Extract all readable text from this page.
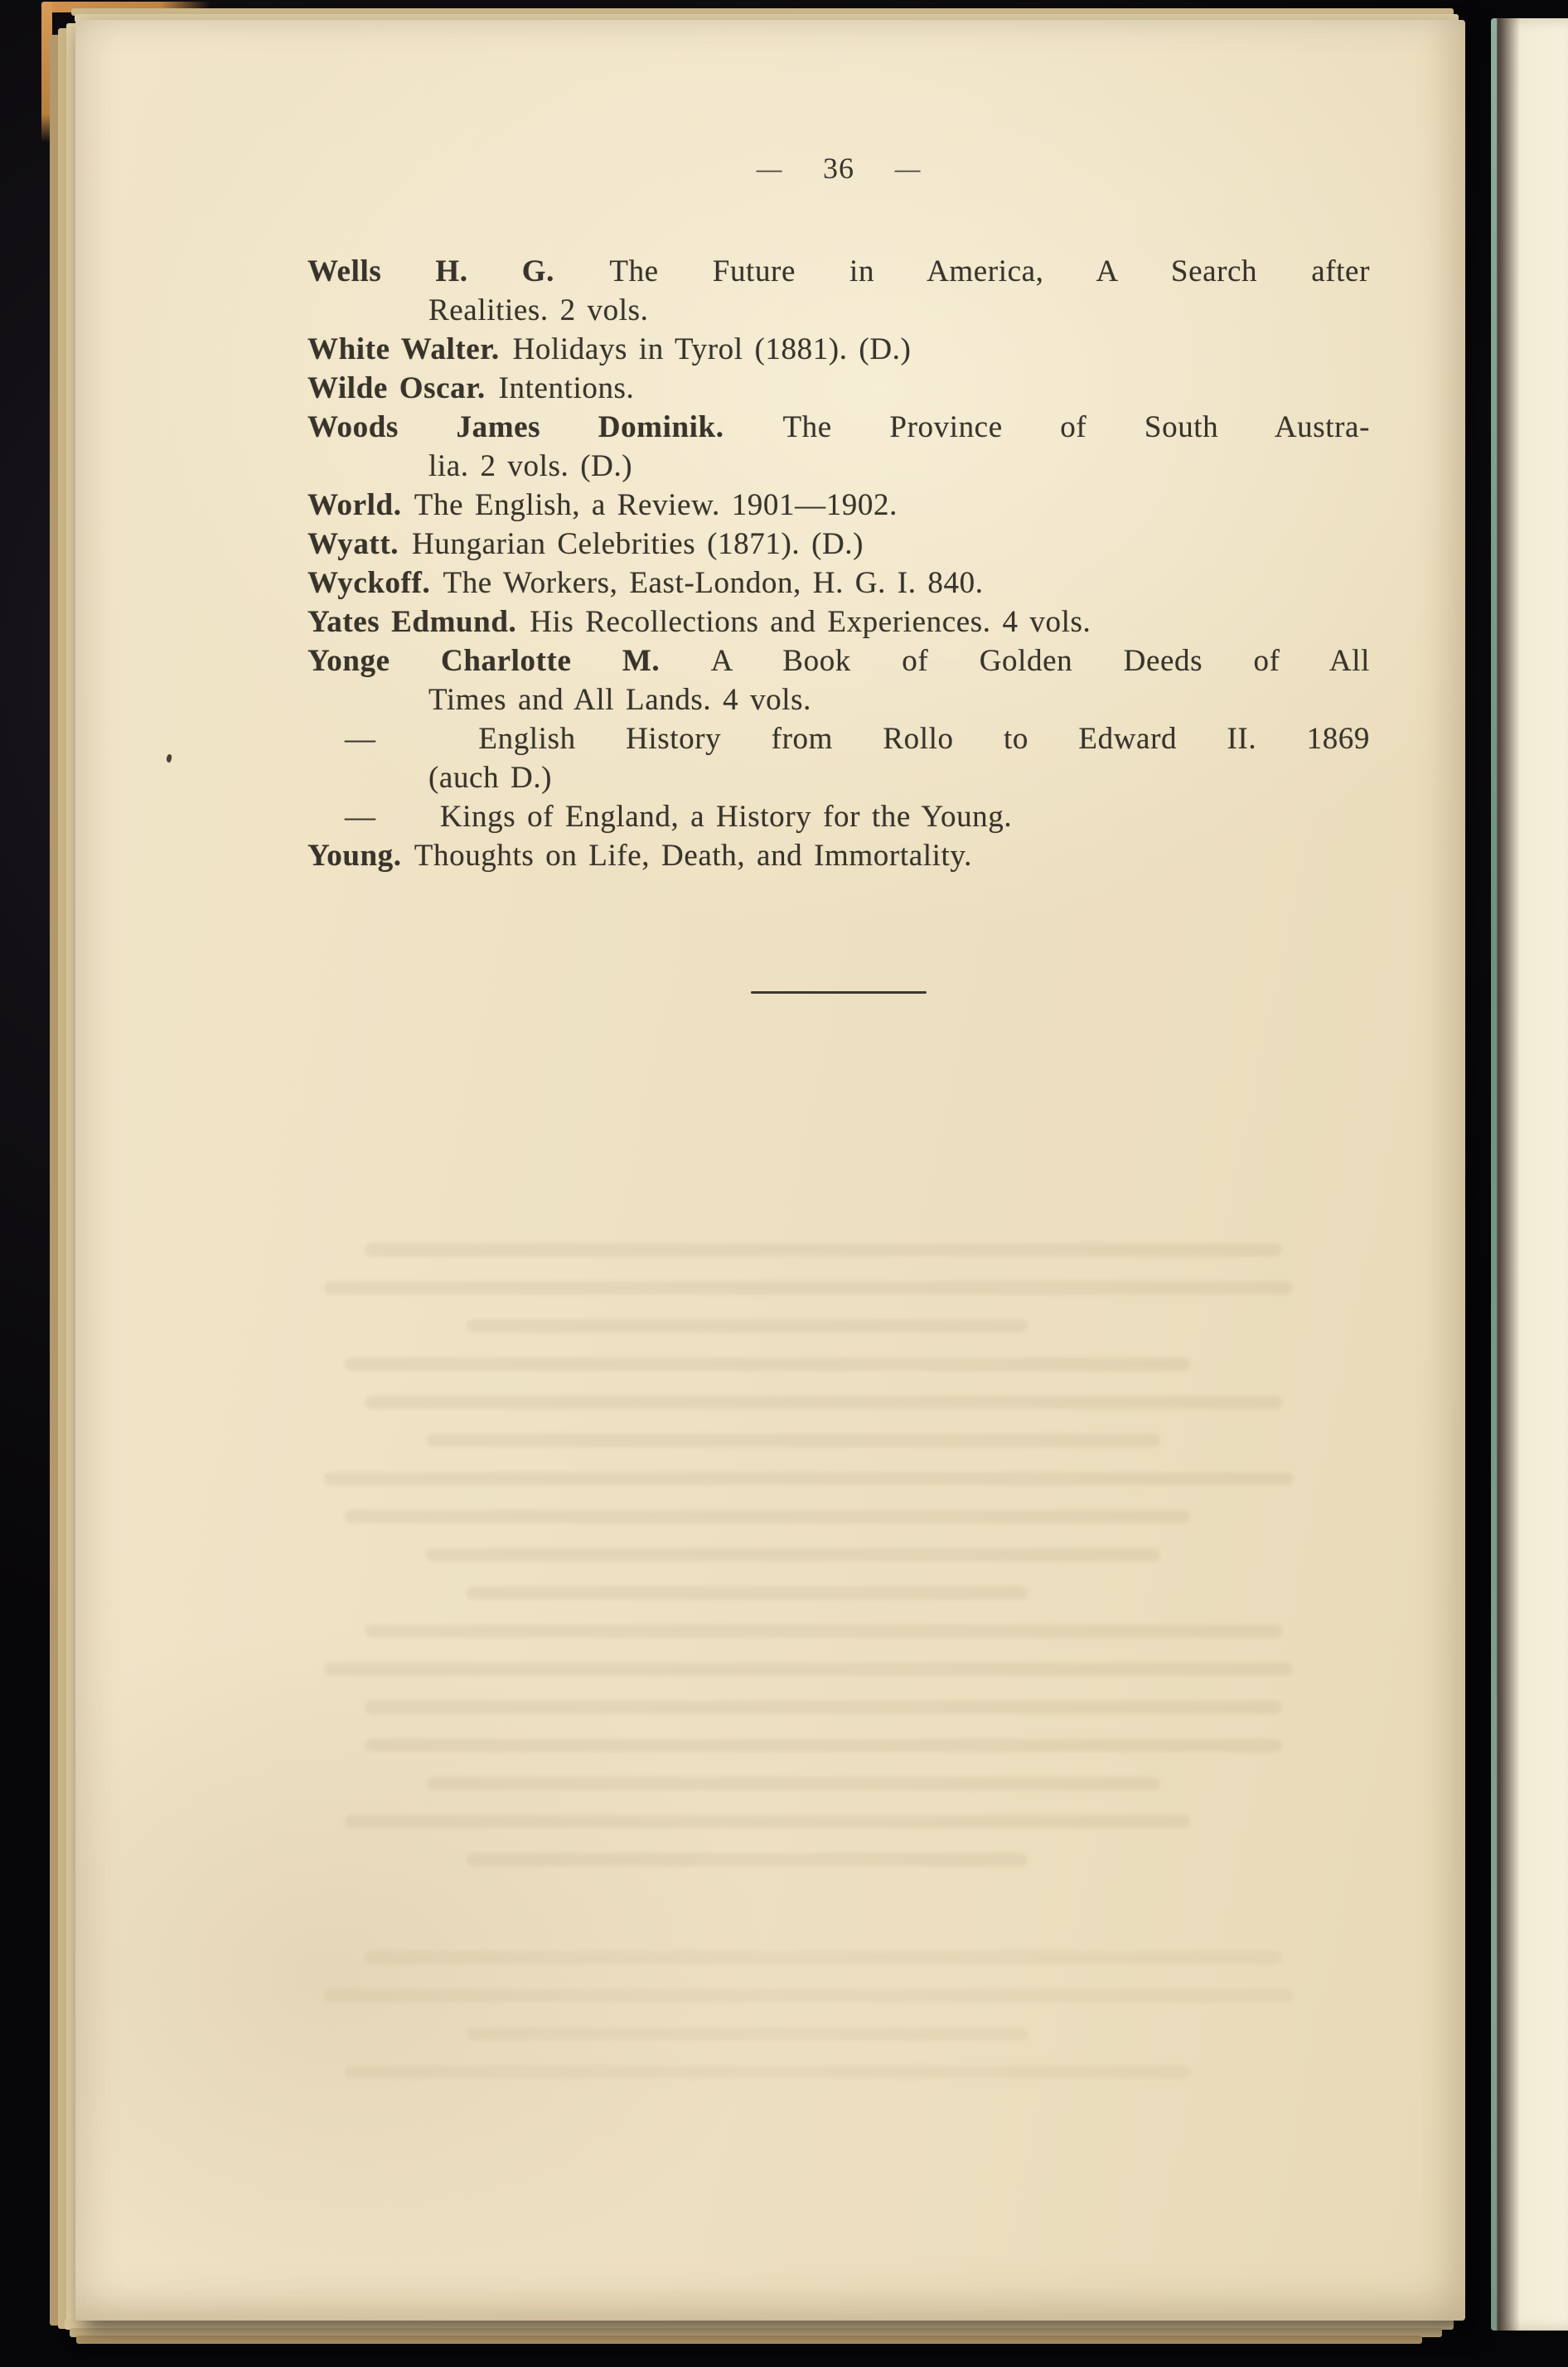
— 36 —
Wells H. G. The Future in America, A Search after
Realities. 2 vols.
White Walter. Holidays in Tyrol (1881). (D.)
Wilde Oscar. Intentions.
Woods James Dominik. The Province of South Austra-
lia. 2 vols. (D.)
World. The English, a Review. 1901—1902.
Wyatt. Hungarian Celebrities (1871). (D.)
Wyckoff. The Workers, East-London, H. G. I. 840.
Yates Edmund. His Recollections and Experiences. 4 vols.
Yonge Charlotte M. A Book of Golden Deeds of All
Times and All Lands. 4 vols.
— English History from Rollo to Edward II. 1869
(auch D.)
— Kings of England, a History for the Young.
Young. Thoughts on Life, Death, and Immortality.
